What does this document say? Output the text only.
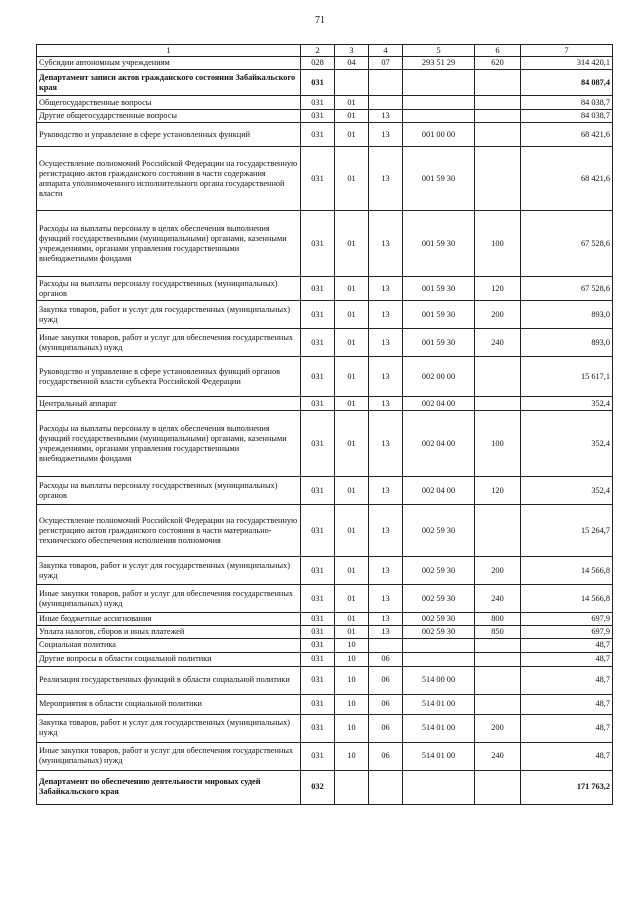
71
1	2	3	4	5	6	7
Субсидии автономным учреждениям	028	04	07	293 51 29	620	314 420,1
Департамент записи актов гражданского состояния Забайкальского края	031					84 087,4
Общегосударственные вопросы	031	01				84 038,7
Другие общегосударственные вопросы	031	01	13			84 038,7
Руководство и управление в сфере установленных функций	031	01	13	001 00 00		68 421,6
Осуществление полномочий Российской Федерации на государственную регистрацию актов гражданского состояния в части содержания аппарата уполномоченного исполнительного органа государственной власти	031	01	13	001 59 30		68 421,6
Расходы на выплаты персоналу в целях обеспечения выполнения функций государственными (муниципальными) органами, казенными учреждениями, органами управления государственными внебюджетными фондами	031	01	13	001 59 30	100	67 528,6
Расходы на выплаты персоналу государственных (муниципальных) органов	031	01	13	001 59 30	120	67 528,6
Закупка товаров, работ и услуг для государственных (муниципальных) нужд	031	01	13	001 59 30	200	893,0
Иные закупки товаров, работ и услуг для обеспечения государственных (муниципальных) нужд	031	01	13	001 59 30	240	893,0
Руководство и управление в сфере установленных функций органов государственной власти субъекта Российской Федерации	031	01	13	002 00 00		15 617,1
Центральный аппарат	031	01	13	002 04 00		352,4
Расходы на выплаты персоналу в целях обеспечения выполнения функций государственными (муниципальными) органами, казенными учреждениями, органами управления государственными внебюджетными фондами	031	01	13	002 04 00	100	352,4
Расходы на выплаты персоналу государственных (муниципальных) органов	031	01	13	002 04 00	120	352,4
Осуществление полномочий Российской Федерации на государственную регистрацию актов гражданского состояния в части материально-технического обеспечения исполнения полномочия	031	01	13	002 59 30		15 264,7
Закупка товаров, работ и услуг для государственных (муниципальных) нужд	031	01	13	002 59 30	200	14 566,8
Иные закупки товаров, работ и услуг для обеспечения государственных (муниципальных) нужд	031	01	13	002 59 30	240	14 566,8
Иные бюджетные ассигнования	031	01	13	002 59 30	800	697,9
Уплата налогов, сборов и иных платежей	031	01	13	002 59 30	850	697,9
Социальная политика	031	10				48,7
Другие вопросы в области социальной политики	031	10	06			48,7
Реализация государственных функций в области социальной политики	031	10	06	514 00 00		48,7
Мероприятия в области социальной политики	031	10	06	514 01 00		48,7
Закупка товаров, работ и услуг для государственных (муниципальных) нужд	031	10	06	514 01 00	200	48,7
Иные закупки товаров, работ и услуг для обеспечения государственных (муниципальных) нужд	031	10	06	514 01 00	240	48,7
Департамент по обеспечению деятельности мировых судей Забайкальского края	032					171 763,2
